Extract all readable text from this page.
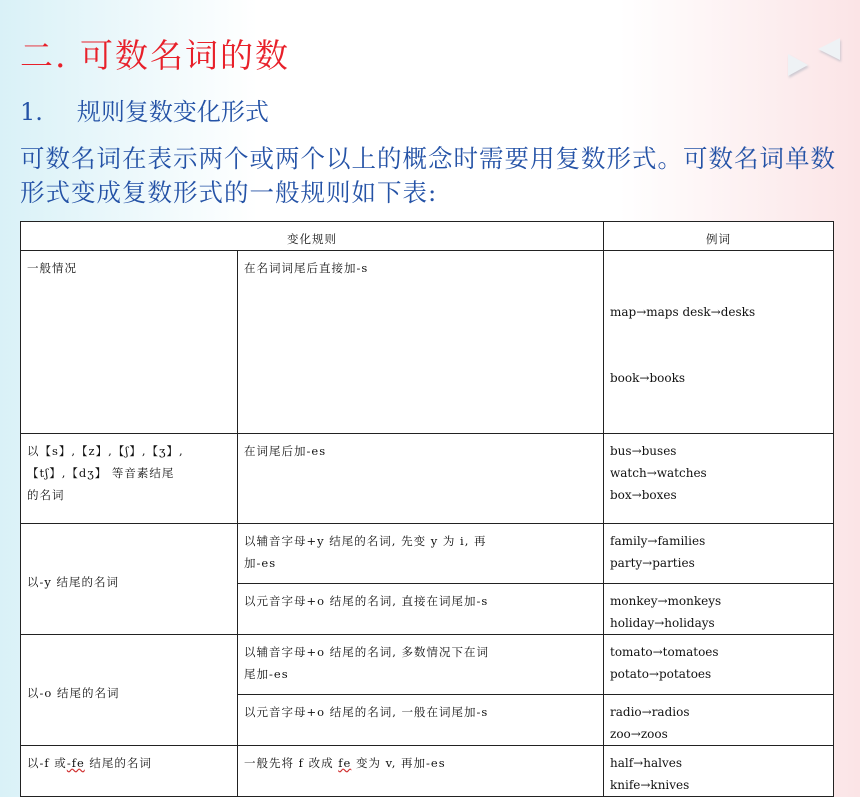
二. 可数名词的数
1. 规则复数变化形式
可数名词在表示两个或两个以上的概念时需要用复数形式。可数名词单数形式变成复数形式的一般规则如下表:
变化规则		例词
一般情况	在名词词尾后直接加-s	map→maps desk→desks

book→books

以【s】,【z】,【ʃ】,【ʒ】,
【tʃ】,【dʒ】 等音素结尾
的名词	在词尾后加-es	bus→buses
watch→watches
box→boxes

以-y 结尾的名词	以辅音字母+y 结尾的名词, 先变 y 为 i, 再
加-es	family→families
party→parties

	以元音字母+o 结尾的名词, 直接在词尾加-s	monkey→monkeys
holiday→holidays

以-o 结尾的名词	以辅音字母+o 结尾的名词, 多数情况下在词
尾加-es	tomato→tomatoes
potato→potatoes

	以元音字母+o 结尾的名词, 一般在词尾加-s	radio→radios
zoo→zoos

以-f 或-fe 结尾的名词	一般先将 f 改成 fe 变为 v, 再加-es	half→halves
knife→knives
